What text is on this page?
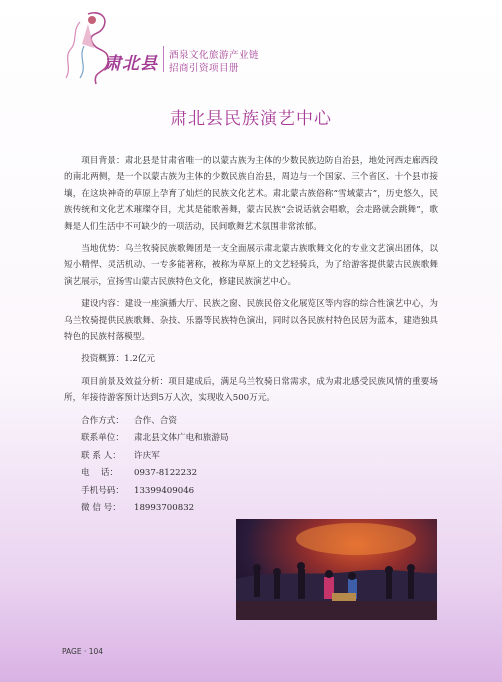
肃北县 酒泉文化旅游产业链
招商引资项目册
肃北县民族演艺中心

项目背景：肃北县是甘肃省唯一的以蒙古族为主体的少数民族边防自治县，地处河西走廊西段的南北两侧，是一个以蒙古族为主体的少数民族自治县，周边与一个国家、三个省区、十个县市接壤，在这块神奇的草原上孕育了灿烂的民族文化艺术。肃北蒙古族俗称“雪域蒙古”，历史悠久，民族传统和文化艺术璀璨夺目，尤其是能歌善舞，蒙古民族“会说话就会唱歌，会走路就会跳舞”，歌舞是人们生活中不可缺少的一项活动，民间歌舞艺术氛围非常浓郁。

当地优势：乌兰牧骑民族歌舞团是一支全面展示肃北蒙古族歌舞文化的专业文艺演出团体，以短小精悍、灵活机动、一专多能著称，被称为草原上的文艺轻骑兵，为了给游客提供蒙古民族歌舞演艺展示，宣扬雪山蒙古民族特色文化，修建民族演艺中心。

建设内容：建设一座演播大厅、民族之窗、民族民俗文化展览区等内容的综合性演艺中心，为乌兰牧骑提供民族歌舞、杂技、乐器等民族特色演出，同时以各民族村特色民居为蓝本，建造独具特色的民族村落模型。

投资概算：1.2亿元

项目前景及效益分析：项目建成后，满足乌兰牧骑日常需求，成为肃北感受民族风情的重要场所，年接待游客预计达到5万人次，实现收入500万元。

合作方式：	合作、合资
联系单位：	肃北县文体广电和旅游局
联 系 人：	许庆军
电　 话：	0937-8122232
手机号码：	13399409046
微 信 号：	18993700832
PAGE · 104
